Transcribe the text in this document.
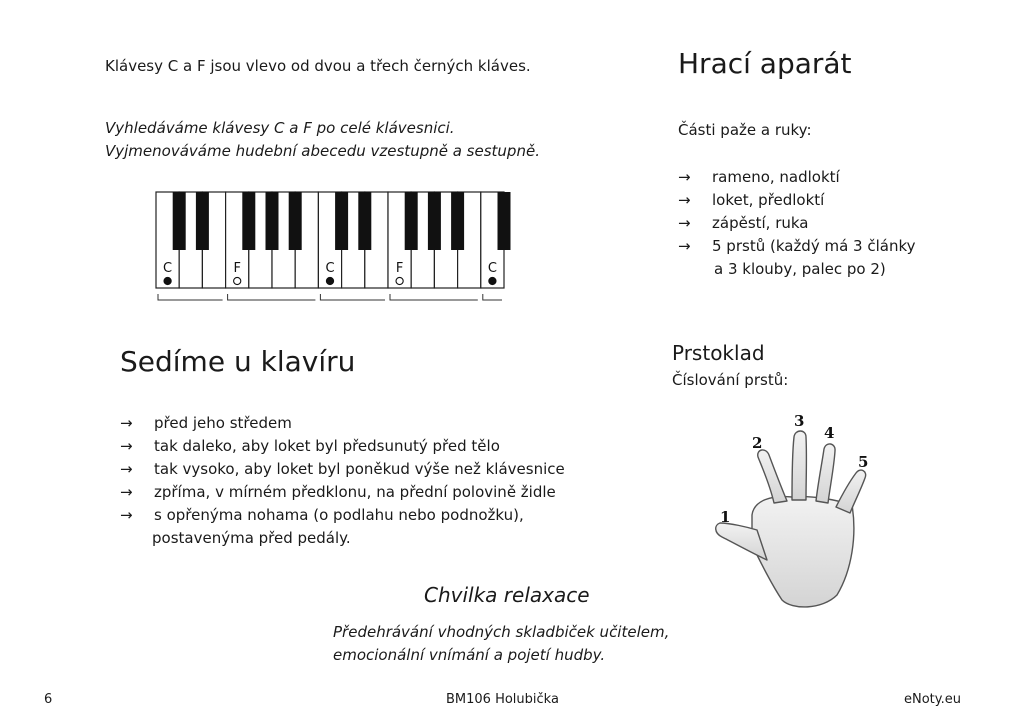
Klávesy C a F jsou vlevo od dvou a třech černých kláves.
Vyhledáváme klávesy C a F po celé klávesnici.
Vyjmenováváme hudební abecedu vzestupně a sestupně.
C	F	C	F	C
Sedíme u klavíru
→ před jeho středem
→ tak daleko, aby loket byl předsunutý před tělo
→ tak vysoko, aby loket byl poněkud výše než klávesnice
→ zpříma, v mírném předklonu, na přední polovině židle
→ s opřenýma nohama (o podlahu nebo podnožku),
postavenýma před pedály.
Chvilka relaxace
Předehrávání vhodných skladbiček učitelem,
emocionální vnímání a pojetí hudby.
Hrací aparát
Části paže a ruky:
→ rameno, nadloktí
→ loket, předloktí
→ zápěstí, ruka
→ 5 prstů (každý má 3 články
a 3 klouby, palec po 2)
Prstoklad
Číslování prstů:
1
2
3
4
5
6	BM106 Holubička	eNoty.eu
